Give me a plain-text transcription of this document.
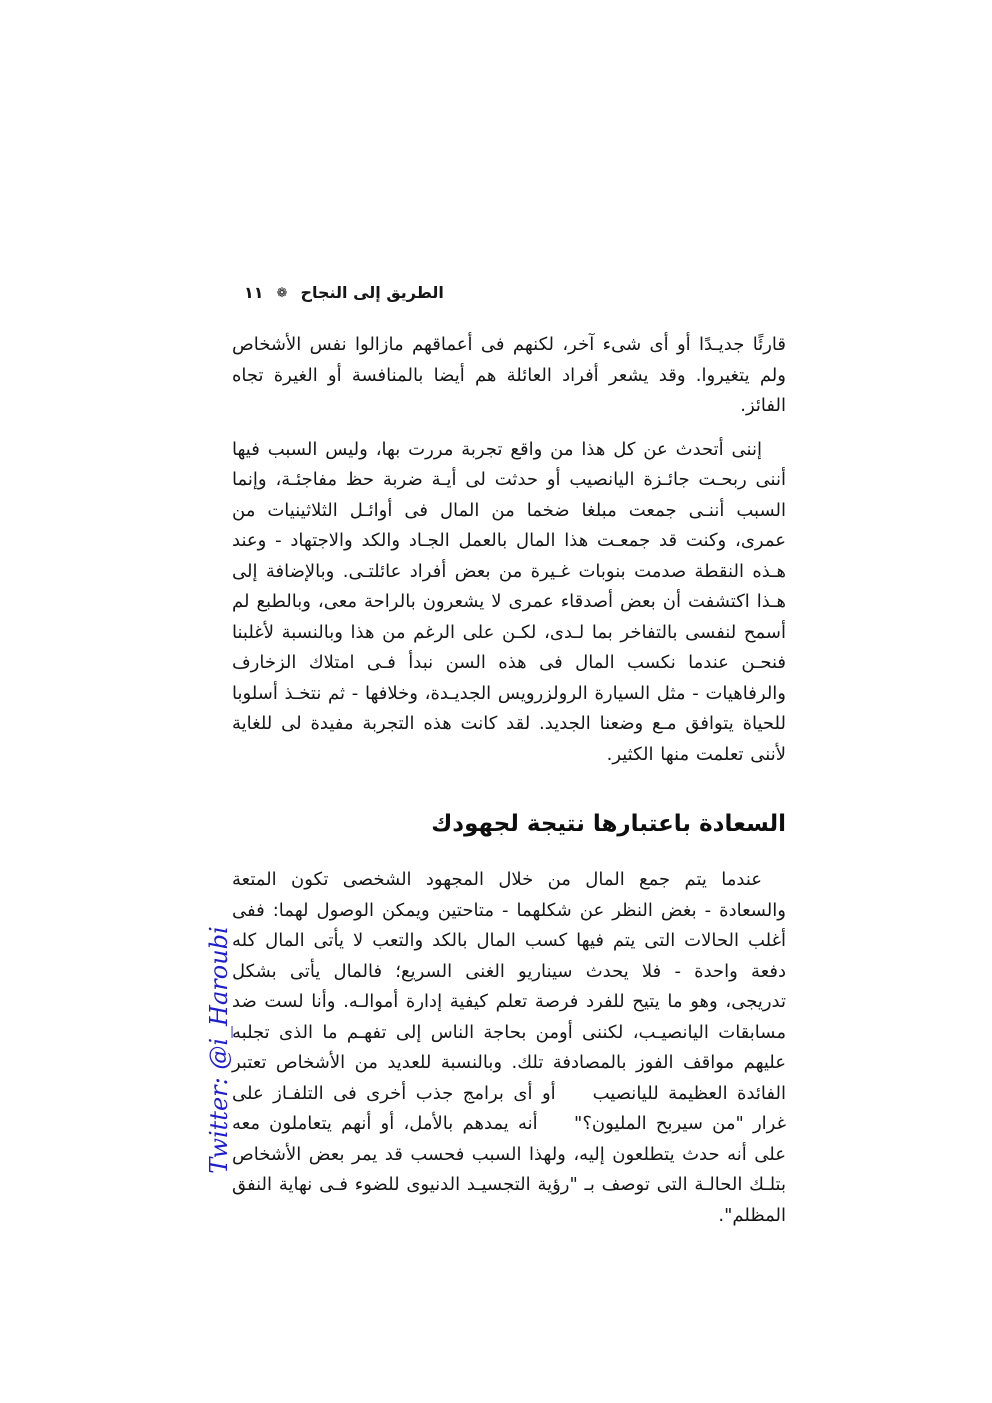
Twitter: @i_Haroubi
الطريق إلى النجاح
❁
١١

قارئًا جديـدًا أو أى شىء آخر، لكنهم فى أعماقهم مازالوا نفس الأشخاص ولم يتغيروا. وقد يشعر أفراد العائلة هم أيضا بالمنافسة أو الغيرة تجاه الفائز.

إننى أتحدث عن كل هذا من واقع تجربة مررت بها، وليس السبب فيها أننى ربحـت جائـزة اليانصيب أو حدثت لى أيـة ضربة حظ مفاجئـة، وإنما السبب أننـى جمعت مبلغا ضخما من المال فى أوائـل الثلاثينيات من عمرى، وكنت قد جمعـت هذا المال بالعمل الجـاد والكد والاجتهاد - وعند هـذه النقطة صدمت بنوبات غـيرة من بعض أفراد عائلتـى. وبالإضافة إلى هـذا اكتشفت أن بعض أصدقاء عمرى لا يشعرون بالراحة معى، وبالطبع لم أسمح لنفسى بالتفاخر بما لـدى، لكـن على الرغم من هذا وبالنسبة لأغلبنا فنحـن عندما نكسب المال فى هذه السن نبدأ فـى امتلاك الزخارف والرفاهيات - مثل السيارة الرولزرويس الجديـدة، وخلافها - ثم نتخـذ أسلوبا للحياة يتوافق مـع وضعنا الجديد. لقد كانت هذه التجربة مفيدة لى للغاية لأننى تعلمت منها الكثير.

السعادة باعتبارها نتيجة لجهودك

عندما يتم جمع المال من خلال المجهود الشخصى تكون المتعة والسعادة - بغض النظر عن شكلهما - متاحتين ويمكن الوصول لهما: ففى أغلب الحالات التى يتم فيها كسب المال بالكد والتعب لا يأتى المال كله دفعة واحدة - فلا يحدث سيناريو الغنى السريع؛ فالمال يأتى بشكل تدريجى، وهو ما يتيح للفرد فرصة تعلم كيفية إدارة أموالـه. وأنا لست ضد مسابقات اليانصيـب، لكننى أومن بحاجة الناس إلى تفهـم ما الذى تجلبه عليهم مواقف الفوز بالمصادفة تلك. وبالنسبة للعديد من الأشخاص تعتبر الفائدة العظيمة لليانصيب   أو أى برامج جذب أخرى فى التلفـاز على غرار "من سيربح المليون؟"   أنه يمدهم بالأمل، أو أنهم يتعاملون معه على أنه حدث يتطلعون إليه، ولهذا السبب فحسب قد يمر بعض الأشخاص بتلـك الحالـة التى توصف بـ "رؤية التجسيـد الدنيوى للضوء فـى نهاية النفق المظلم".
